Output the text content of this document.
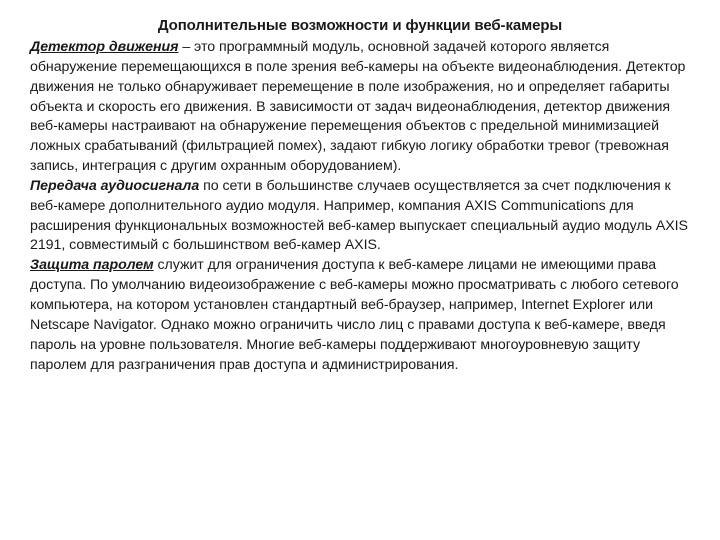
Дополнительные возможности и функции веб-камеры

Детектор движения – это программный модуль, основной задачей которого является обнаружение перемещающихся в поле зрения веб-камеры на объекте видеонаблюдения. Детектор движения не только обнаруживает перемещение в поле изображения, но и определяет габариты объекта и скорость его движения. В зависимости от задач видеонаблюдения, детектор движения веб-камеры настраивают на обнаружение перемещения объектов с предельной минимизацией ложных срабатываний (фильтрацией помех), задают гибкую логику обработки тревог (тревожная запись, интеграция с другим охранным оборудованием).

Передача аудиосигнала по сети в большинстве случаев осуществляется за счет подключения к веб-камере дополнительного аудио модуля. Например, компания AXIS Communications для расширения функциональных возможностей веб-камер выпускает специальный аудио модуль AXIS 2191, совместимый с большинством веб-камер AXIS.

Защита паролем служит для ограничения доступа к веб-камере лицами не имеющими права доступа. По умолчанию видеоизображение с веб-камеры можно просматривать с любого сетевого компьютера, на котором установлен стандартный веб-браузер, например, Internet Explorer или Netscape Navigator. Однако можно ограничить число лиц с правами доступа к веб-камере, введя пароль на уровне пользователя. Многие веб-камеры поддерживают многоуровневую защиту паролем для разграничения прав доступа и администрирования.
